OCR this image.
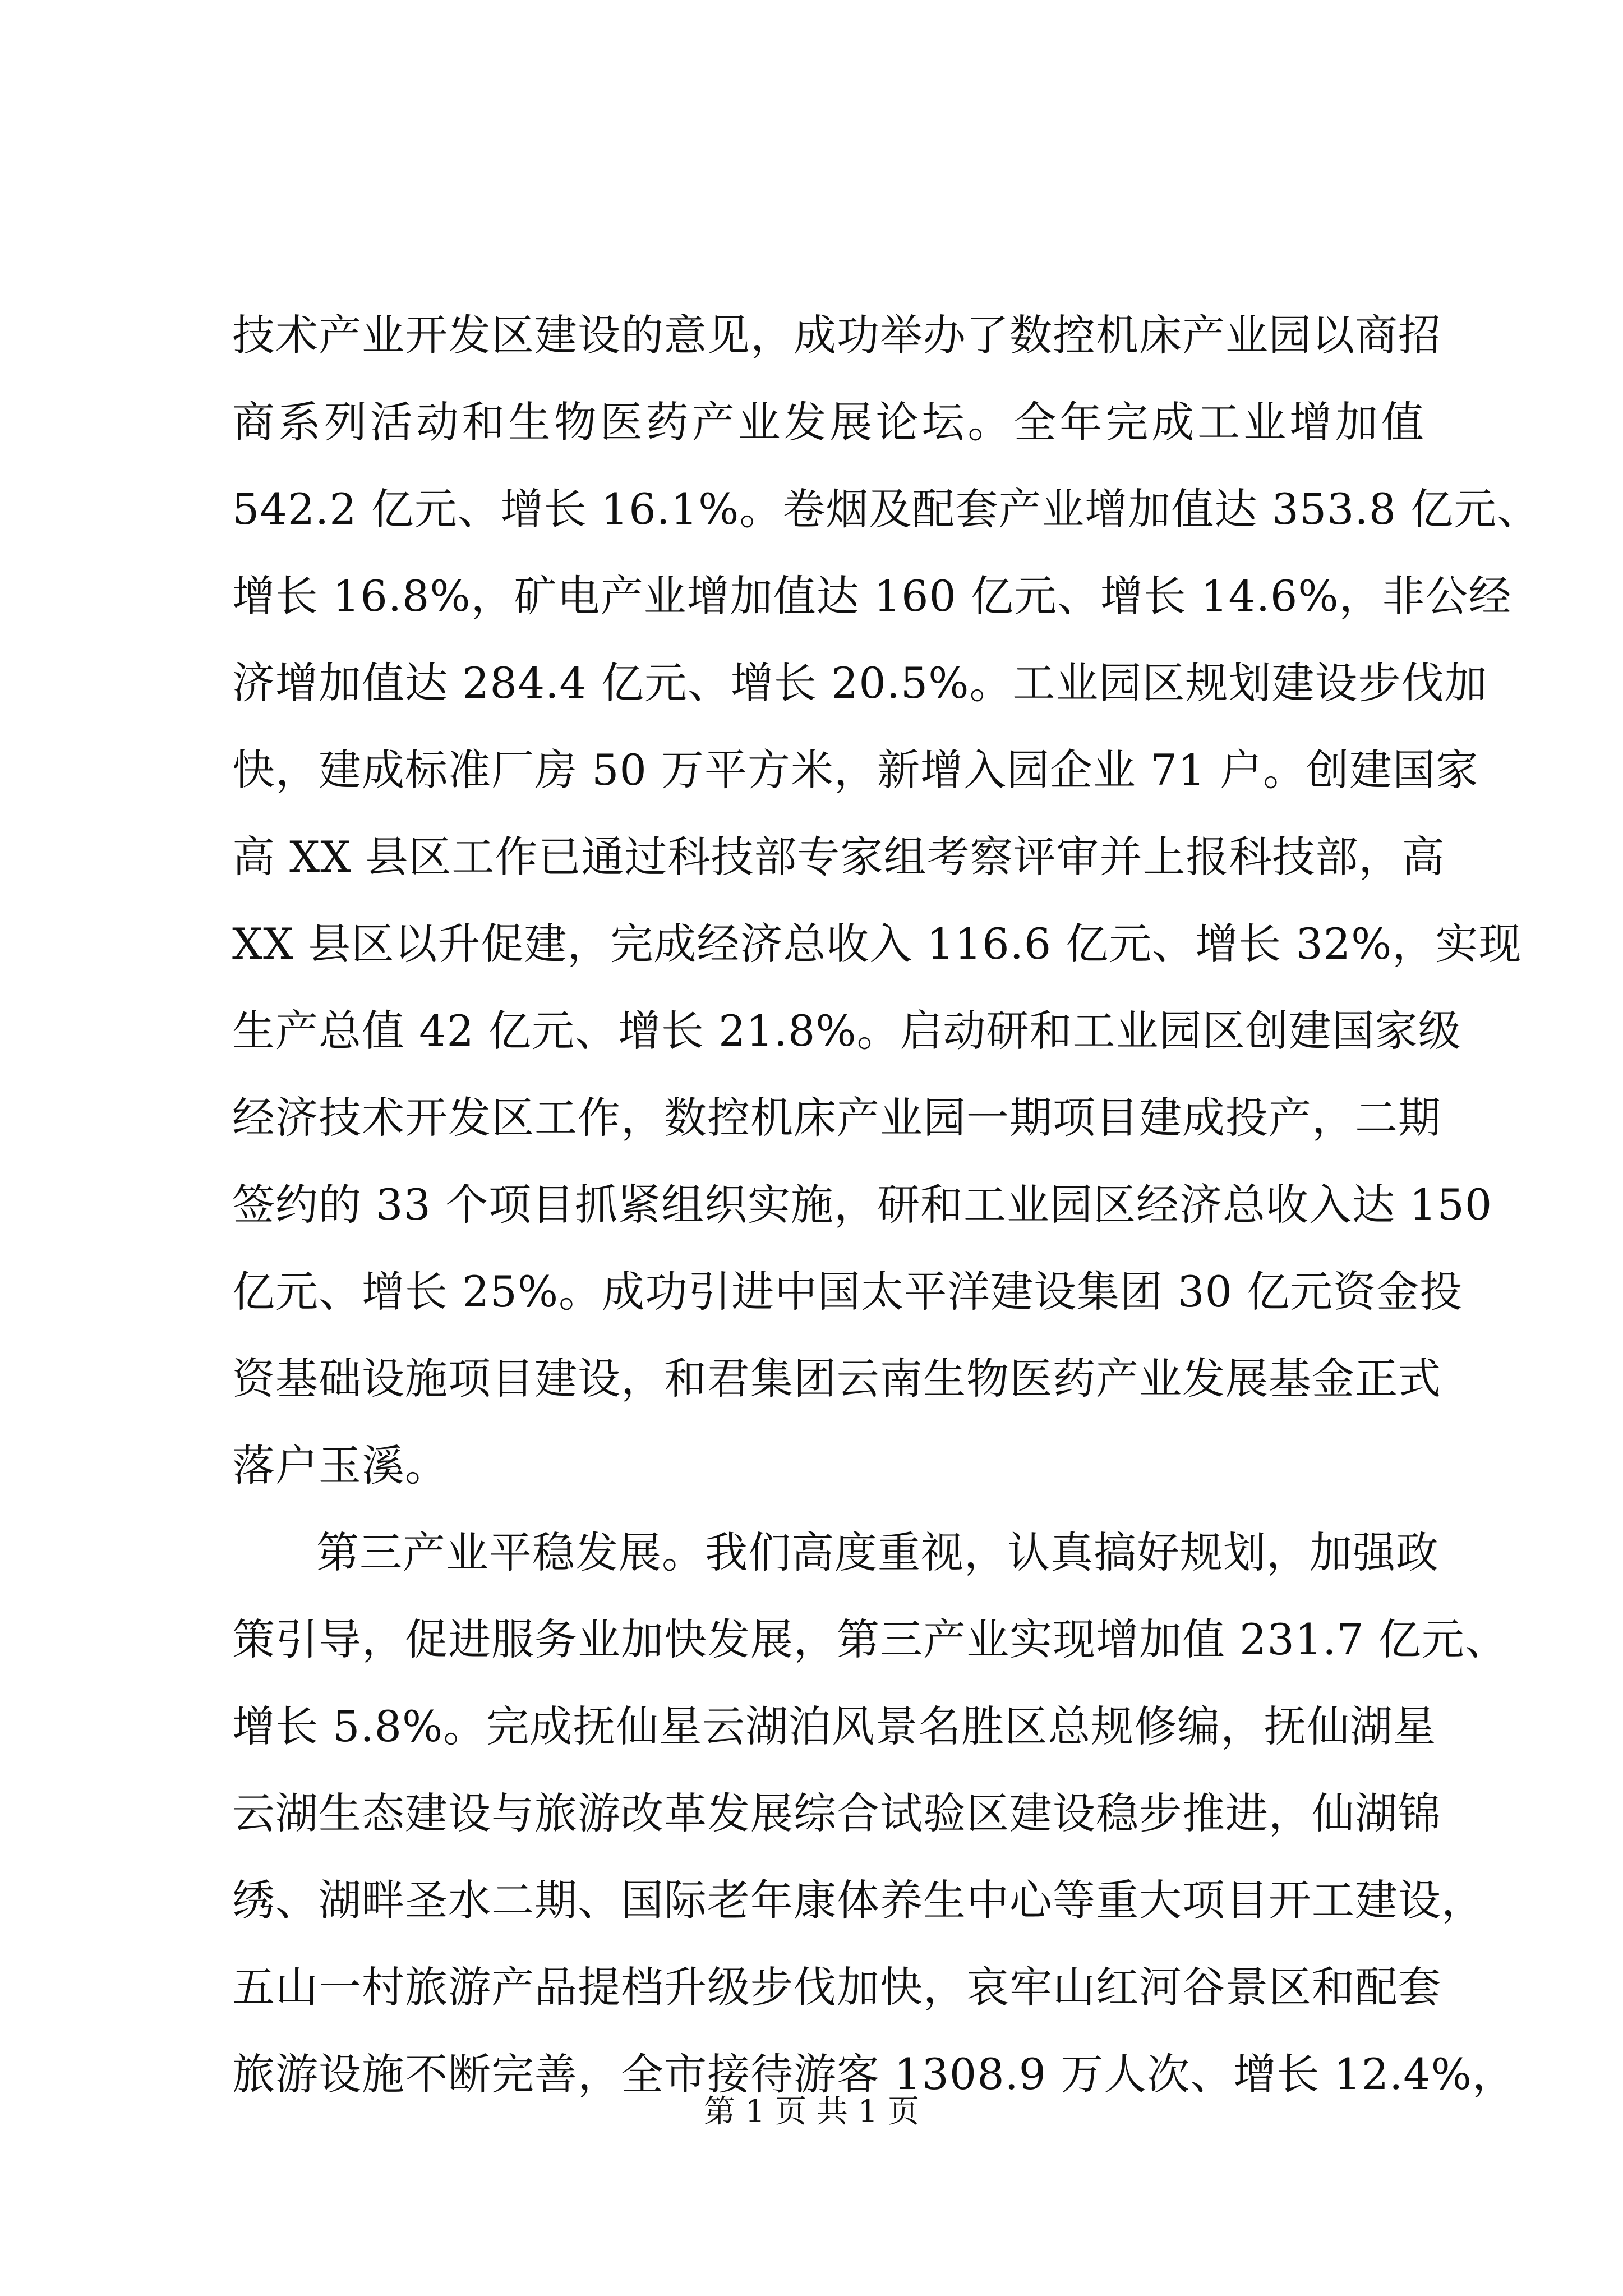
技术产业开发区建设的意见，成功举办了数控机床产业园以商招
商系列活动和生物医药产业发展论坛。全年完成工业增加值
542.2 亿元、增长 16.1%。卷烟及配套产业增加值达 353.8 亿元、
增长 16.8%，矿电产业增加值达 160 亿元、增长 14.6%，非公经
济增加值达 284.4 亿元、增长 20.5%。工业园区规划建设步伐加
快，建成标准厂房 50 万平方米，新增入园企业 71 户。创建国家
高 XX 县区工作已通过科技部专家组考察评审并上报科技部，高
XX 县区以升促建，完成经济总收入 116.6 亿元、增长 32%，实现
生产总值 42 亿元、增长 21.8%。启动研和工业园区创建国家级
经济技术开发区工作，数控机床产业园一期项目建成投产，二期
签约的 33 个项目抓紧组织实施，研和工业园区经济总收入达 150
亿元、增长 25%。成功引进中国太平洋建设集团 30 亿元资金投
资基础设施项目建设，和君集团云南生物医药产业发展基金正式
落户玉溪。
第三产业平稳发展。我们高度重视，认真搞好规划，加强政
策引导，促进服务业加快发展，第三产业实现增加值 231.7 亿元、
增长 5.8%。完成抚仙星云湖泊风景名胜区总规修编，抚仙湖星
云湖生态建设与旅游改革发展综合试验区建设稳步推进，仙湖锦
绣、湖畔圣水二期、国际老年康体养生中心等重大项目开工建设，
五山一村旅游产品提档升级步伐加快，哀牢山红河谷景区和配套
旅游设施不断完善，全市接待游客 1308.9 万人次、增长 12.4%，
第 1 页 共 1 页
